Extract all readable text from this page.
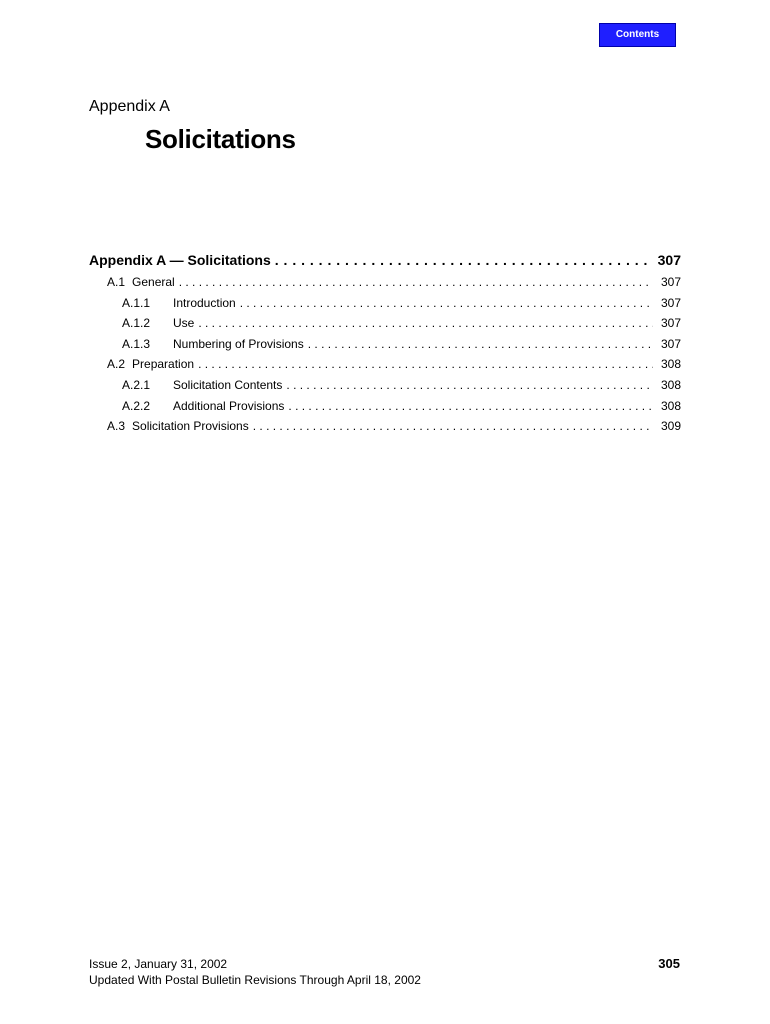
Contents
Appendix A
Solicitations
Appendix A — Solicitations . . .	307
A.1 General . . .	307
A.1.1	Introduction . . .	307
A.1.2	Use . . .	307
A.1.3	Numbering of Provisions . . .	307
A.2 Preparation . . .	308
A.2.1	Solicitation Contents . . .	308
A.2.2	Additional Provisions . . .	308
A.3 Solicitation Provisions . . .	309
Issue 2, January 31, 2002
Updated With Postal Bulletin Revisions Through April 18, 2002
305
